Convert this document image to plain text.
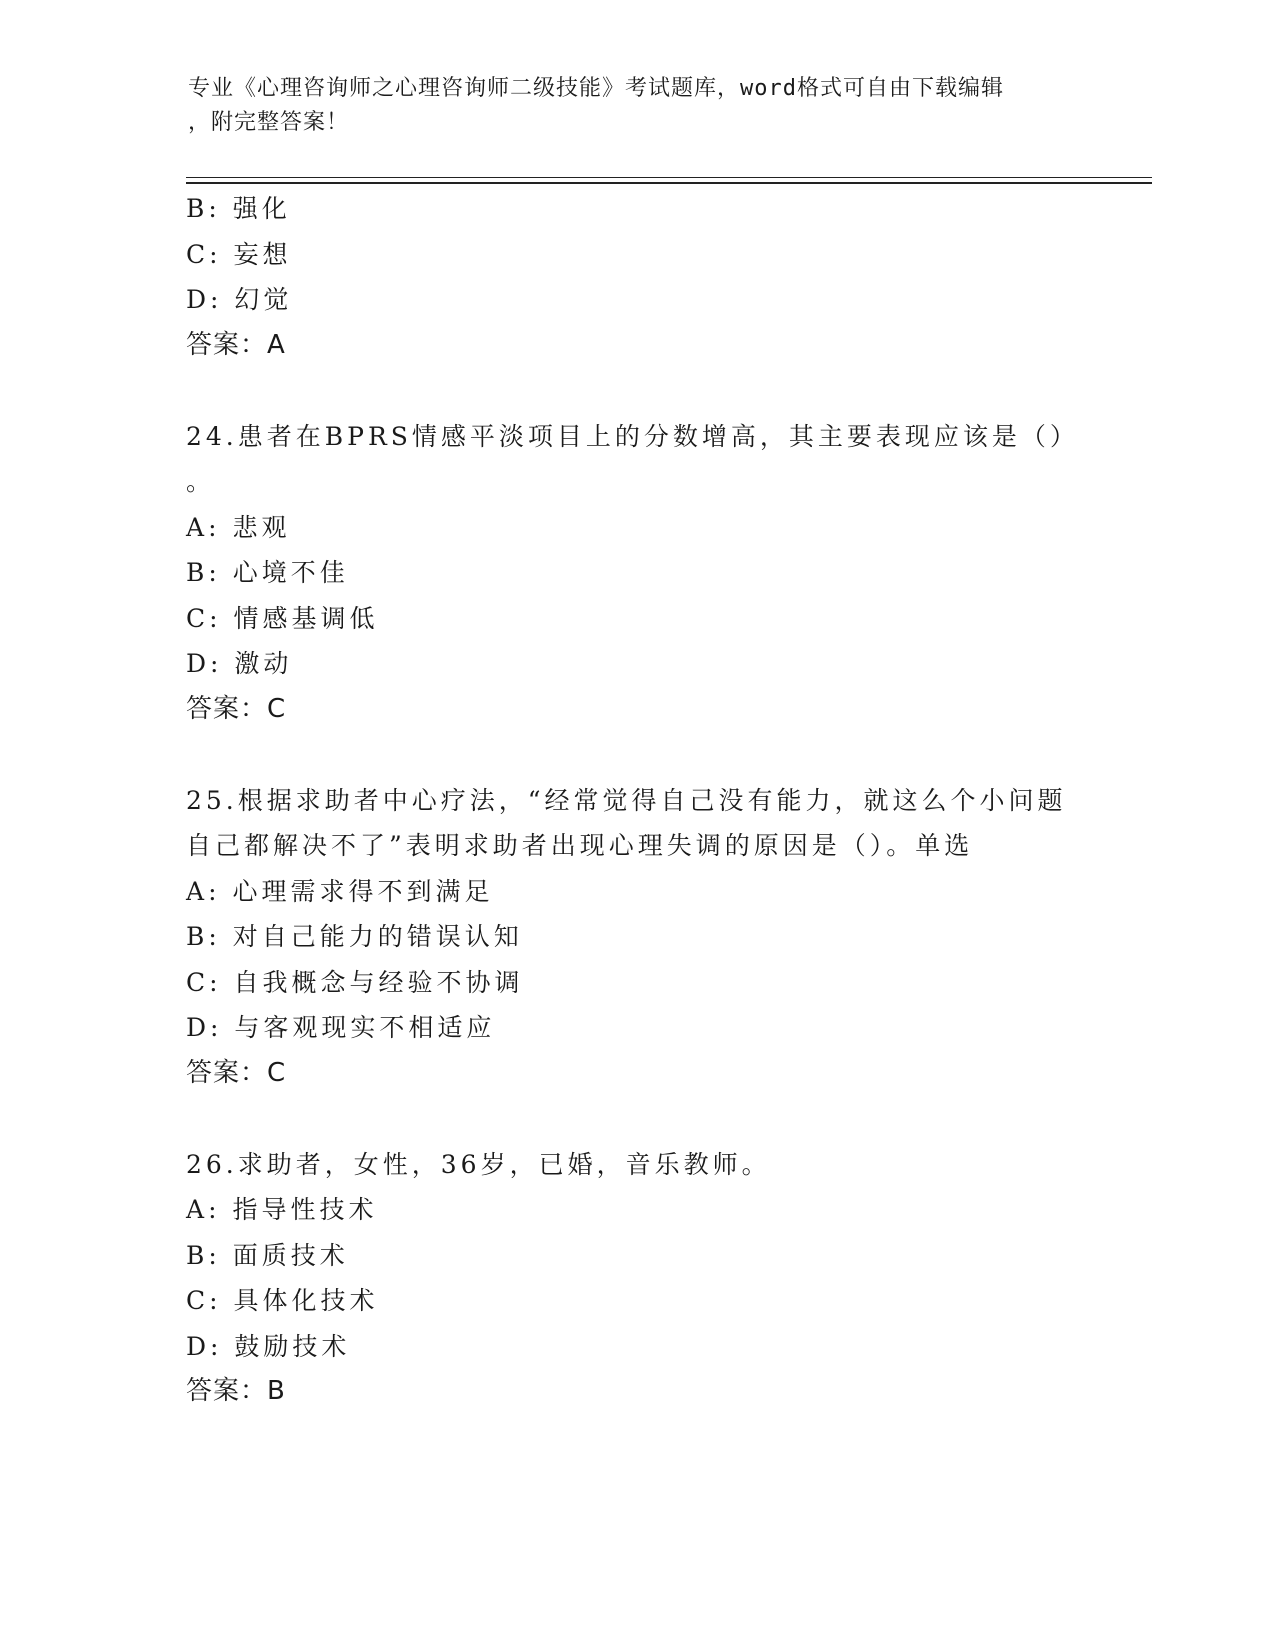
专业《心理咨询师之心理咨询师二级技能》考试题库，word格式可自由下载编辑
，附完整答案！
B: 强化
C: 妄想
D: 幻觉
答案：A
24.患者在BPRS情感平淡项目上的分数增高，其主要表现应该是（）
。
A: 悲观
B: 心境不佳
C: 情感基调低
D: 激动
答案：C
25.根据求助者中心疗法，“经常觉得自己没有能力，就这么个小问题
自己都解决不了”表明求助者出现心理失调的原因是（）。单选
A: 心理需求得不到满足
B: 对自己能力的错误认知
C: 自我概念与经验不协调
D: 与客观现实不相适应
答案：C
26.求助者，女性，36岁，已婚，音乐教师。
A: 指导性技术
B: 面质技术
C: 具体化技术
D: 鼓励技术
答案：B
